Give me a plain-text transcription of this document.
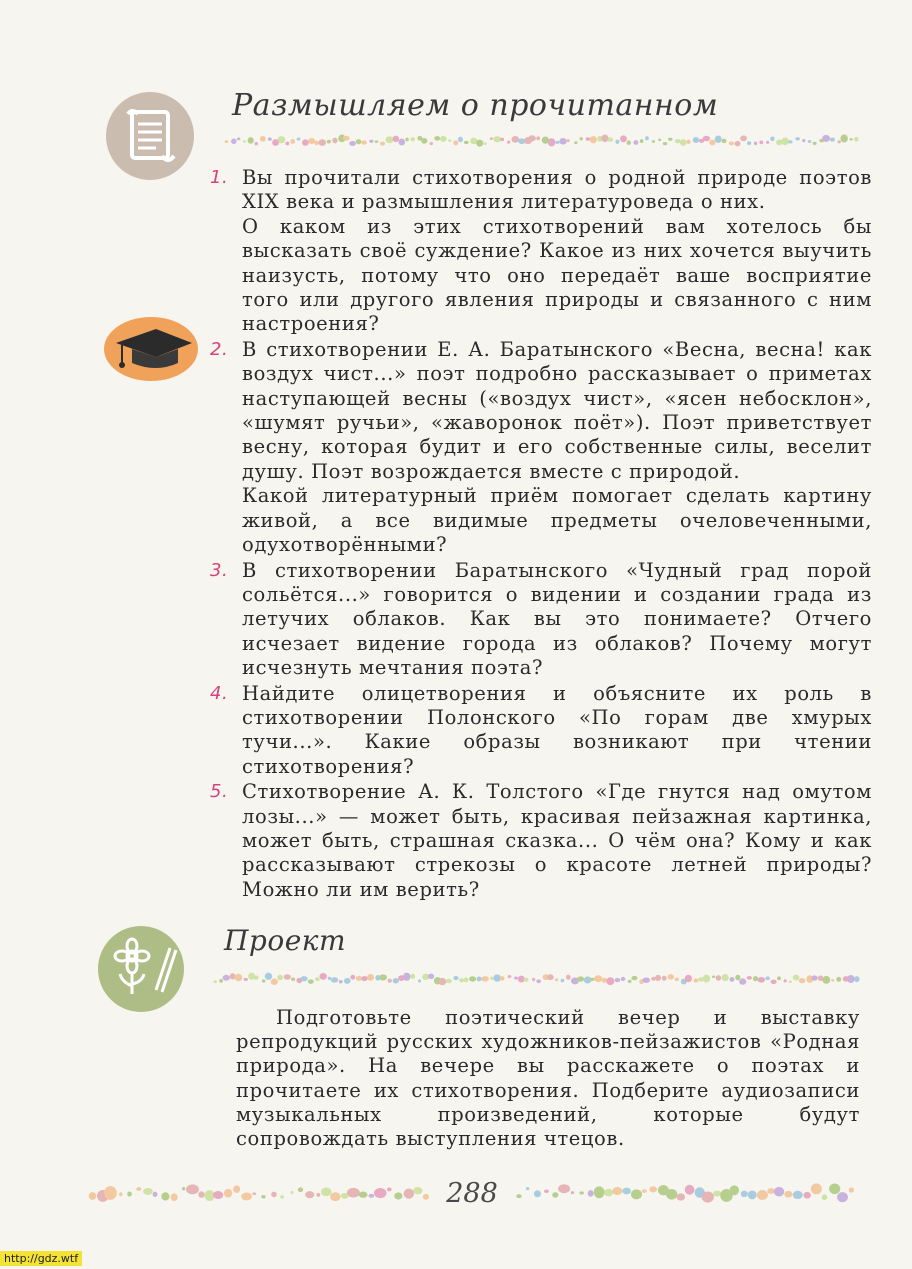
Размышляем о прочитанном
1. Вы прочитали стихотворения о родной природе поэтов XIX века и размышления литературоведа о них.

О каком из этих стихотворений вам хотелось бы высказать своё суждение? Какое из них хочется выучить наизусть, потому что оно передаёт ваше восприятие того или другого явления природы и связанного с ним настроения?

2. В стихотворении Е. А. Баратынского «Весна, весна! как воздух чист...» поэт подробно рассказывает о приметах наступающей весны («воздух чист», «ясен небосклон», «шумят ручьи», «жаворонок поёт»). Поэт приветствует весну, которая будит и его собственные силы, веселит душу. Поэт возрождается вместе с природой.

Какой литературный приём помогает сделать картину живой, а все видимые предметы очеловеченными, одухотворёнными?

3. В стихотворении Баратынского «Чудный град порой сольётся...» говорится о видении и создании града из летучих облаков. Как вы это понимаете? Отчего исчезает видение города из облаков? Почему могут исчезнуть мечтания поэта?

4. Найдите олицетворения и объясните их роль в стихотворении Полонского «По горам две хмурых тучи...». Какие образы возникают при чтении стихотворения?

5. Стихотворение А. К. Толстого «Где гнутся над омутом лозы...» — может быть, красивая пейзажная картинка, может быть, страшная сказка... О чём она? Кому и как рассказывают стрекозы о красоте летней природы? Можно ли им верить?

Проект

Подготовьте поэтический вечер и выставку репродукций русских художников-пейзажистов «Родная природа». На вечере вы расскажете о поэтах и прочитаете их стихотворения. Подберите аудиозаписи музыкальных произведений, которые будут сопровождать выступления чтецов.

288
http://gdz.wtf
